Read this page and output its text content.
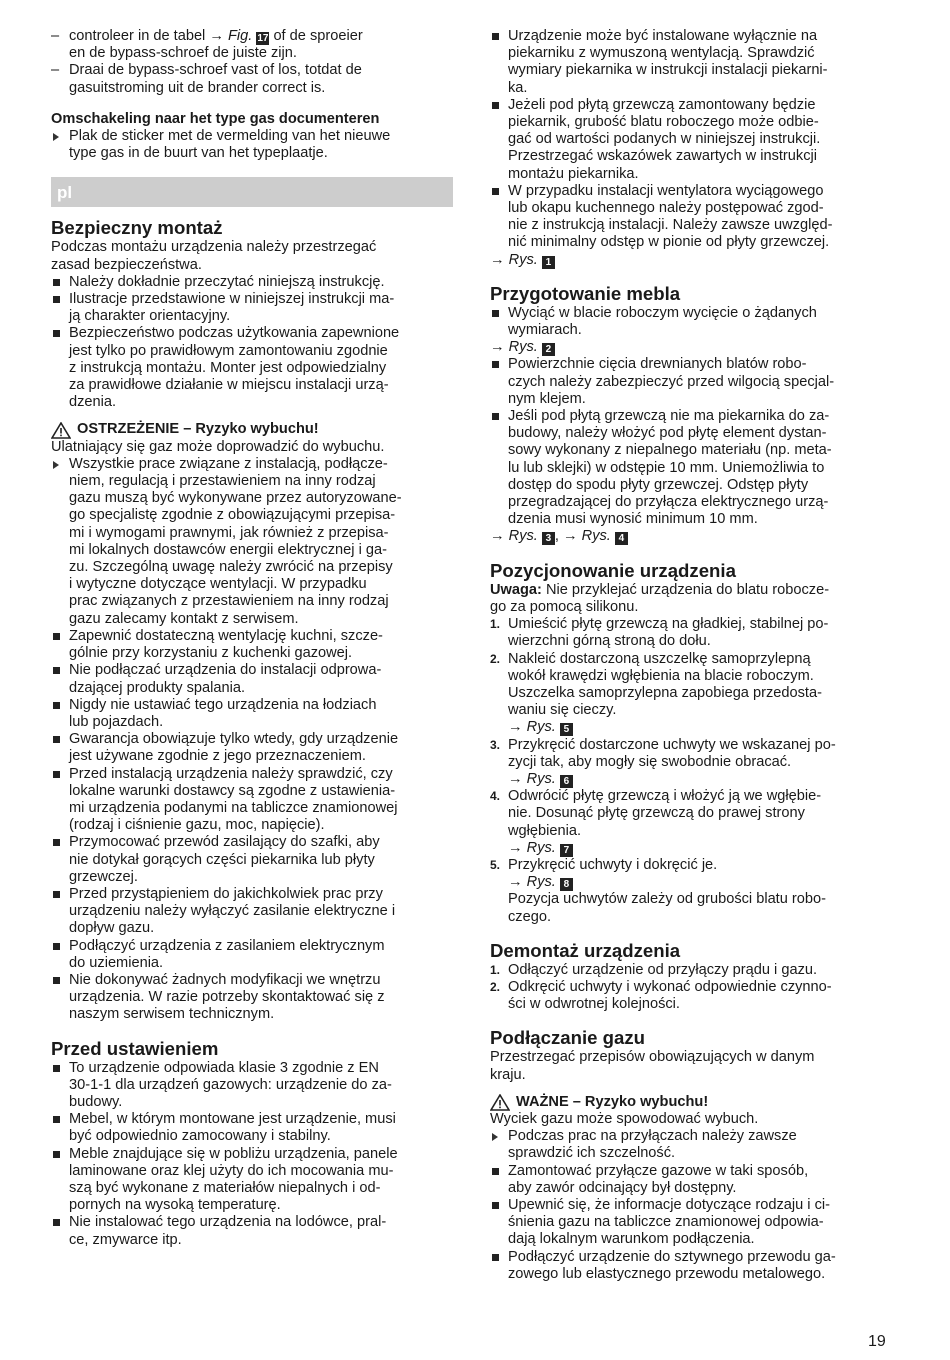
– controleer in de tabel → Fig. 17 of de sproeier

en de bypass-schroef de juiste zijn.

– Draai de bypass-schroef vast of los, totdat de

gasuitstroming uit de brander correct is.

Omschakeling naar het type gas documenteren

Plak de sticker met de vermelding van het nieuwe

type gas in de buurt van het typeplaatje.

pl

Bezpieczny montaż

Podczas montażu urządzenia należy przestrzegać

zasad bezpieczeństwa.

Należy dokładnie przeczytać niniejszą instrukcję.

Ilustracje przedstawione w niniejszej instrukcji ma-

ją charakter orientacyjny.

Bezpieczeństwo podczas użytkowania zapewnione

jest tylko po prawidłowym zamontowaniu zgodnie

z instrukcją montażu. Monter jest odpowiedzialny

za prawidłowe działanie w miejscu instalacji urzą-

dzenia.

OSTRZEŻENIE – Ryzyko wybuchu!

Ulatniający się gaz może doprowadzić do wybuchu.

Wszystkie prace związane z instalacją, podłącze-

niem, regulacją i przestawieniem na inny rodzaj

gazu muszą być wykonywane przez autoryzowane-

go specjalistę zgodnie z obowiązującymi przepisa-

mi i wymogami prawnymi, jak również z przepisa-

mi lokalnych dostawców energii elektrycznej i ga-

zu. Szczególną uwagę należy zwrócić na przepisy

i wytyczne dotyczące wentylacji. W przypadku

prac związanych z przestawieniem na inny rodzaj

gazu zalecamy kontakt z serwisem.

Zapewnić dostateczną wentylację kuchni, szcze-

gólnie przy korzystaniu z kuchenki gazowej.

Nie podłączać urządzenia do instalacji odprowa-

dzającej produkty spalania.

Nigdy nie ustawiać tego urządzenia na łodziach

lub pojazdach.

Gwarancja obowiązuje tylko wtedy, gdy urządzenie

jest używane zgodnie z jego przeznaczeniem.

Przed instalacją urządzenia należy sprawdzić, czy

lokalne warunki dostawcy są zgodne z ustawienia-

mi urządzenia podanymi na tabliczce znamionowej

(rodzaj i ciśnienie gazu, moc, napięcie).

Przymocować przewód zasilający do szafki, aby

nie dotykał gorących części piekarnika lub płyty

grzewczej.

Przed przystąpieniem do jakichkolwiek prac przy

urządzeniu należy wyłączyć zasilanie elektryczne i

dopływ gazu.

Podłączyć urządzenia z zasilaniem elektrycznym

do uziemienia.

Nie dokonywać żadnych modyfikacji we wnętrzu

urządzenia. W razie potrzeby skontaktować się z

naszym serwisem technicznym.

Przed ustawieniem

To urządzenie odpowiada klasie 3 zgodnie z EN

30-1-1 dla urządzeń gazowych: urządzenie do za-

budowy.

Mebel, w którym montowane jest urządzenie, musi

być odpowiednio zamocowany i stabilny.

Meble znajdujące się w pobliżu urządzenia, panele

laminowane oraz klej użyty do ich mocowania mu-

szą być wykonane z materiałów niepalnych i od-

pornych na wysoką temperaturę.

Nie instalować tego urządzenia na lodówce, pral-

ce, zmywarce itp.

Urządzenie może być instalowane wyłącznie na

piekarniku z wymuszoną wentylacją. Sprawdzić

wymiary piekarnika w instrukcji instalacji piekarni-

ka.

Jeżeli pod płytą grzewczą zamontowany będzie

piekarnik, grubość blatu roboczego może odbie-

gać od wartości podanych w niniejszej instrukcji.

Przestrzegać wskazówek zawartych w instrukcji

montażu piekarnika.

W przypadku instalacji wentylatora wyciągowego

lub okapu kuchennego należy postępować zgod-

nie z instrukcją instalacji. Należy zawsze uwzględ-

nić minimalny odstęp w pionie od płyty grzewczej.

→ Rys. 1

Przygotowanie mebla

Wyciąć w blacie roboczym wycięcie o żądanych

wymiarach.

→ Rys. 2

Powierzchnie cięcia drewnianych blatów robo-

czych należy zabezpieczyć przed wilgocią specjal-

nym klejem.

Jeśli pod płytą grzewczą nie ma piekarnika do za-

budowy, należy włożyć pod płytę element dystan-

sowy wykonany z niepalnego materiału (np. meta-

lu lub sklejki) w odstępie 10 mm. Uniemożliwia to

dostęp do spodu płyty grzewczej. Odstęp płyty

przegradzającej do przyłącza elektrycznego urzą-

dzenia musi wynosić minimum 10 mm.

→ Rys. 3 , → Rys. 4

Pozycjonowanie urządzenia

Uwaga: Nie przyklejać urządzenia do blatu robocze-

go za pomocą silikonu.

1. Umieścić płytę grzewczą na gładkiej, stabilnej po-

wierzchni górną stroną do dołu.

2. Nakleić dostarczoną uszczelkę samoprzylepną

wokół krawędzi wgłębienia na blacie roboczym.

Uszczelka samoprzylepna zapobiega przedosta-

waniu się cieczy.

→ Rys. 5

3. Przykręcić dostarczone uchwyty we wskazanej po-

zycji tak, aby mogły się swobodnie obracać.

→ Rys. 6

4. Odwrócić płytę grzewczą i włożyć ją we wgłębie-

nie. Dosunąć płytę grzewczą do prawej strony

wgłębienia.

→ Rys. 7

5. Przykręcić uchwyty i dokręcić je.

→ Rys. 8

Pozycja uchwytów zależy od grubości blatu robo-

czego.

Demontaż urządzenia

1. Odłączyć urządzenie od przyłączy prądu i gazu.

2. Odkręcić uchwyty i wykonać odpowiednie czynno-

ści w odwrotnej kolejności.

Podłączanie gazu

Przestrzegać przepisów obowiązujących w danym

kraju.

WAŻNE – Ryzyko wybuchu!

Wyciek gazu może spowodować wybuch.

Podczas prac na przyłączach należy zawsze

sprawdzić ich szczelność.

Zamontować przyłącze gazowe w taki sposób,

aby zawór odcinający był dostępny.

Upewnić się, że informacje dotyczące rodzaju i ci-

śnienia gazu na tabliczce znamionowej odpowia-

dają lokalnym warunkom podłączenia.

Podłączyć urządzenie do sztywnego przewodu ga-

zowego lub elastycznego przewodu metalowego.

19
